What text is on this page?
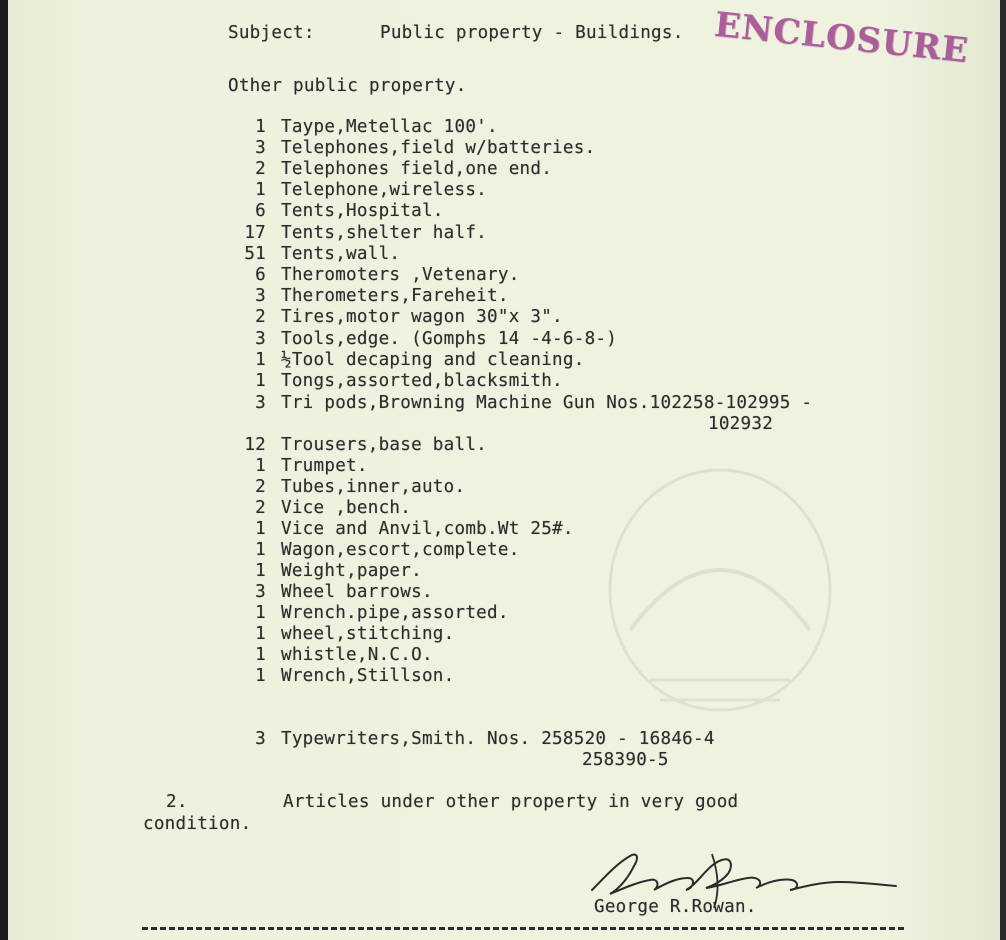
Subject:	Public property - Buildings. ENCLOSURE
Other public property.
1 Taype,Metellac 100'.
3 Telephones,field w/batteries.
2 Telephones field,one end.
1 Telephone,wireless.
6 Tents,Hospital.
17 Tents,shelter half.
51 Tents,wall.
6 Theromoters ,Vetenary.
3 Therometers,Fareheit.
2 Tires,motor wagon 30"x 3".
3 Tools,edge. (Gomphs 14 -4-6-8-)
1 ½Tool decaping and cleaning.
1 Tongs,assorted,blacksmith.
3 Tri pods,Browning Machine Gun Nos.102258-102995 -
102932
12 Trousers,base ball.
1 Trumpet.
2 Tubes,inner,auto.
2 Vice ,bench.
1 Vice and Anvil,comb.Wt 25#.
1 Wagon,escort,complete.
1 Weight,paper.
3 Wheel barrows.
1 Wrench.pipe,assorted.
1 wheel,stitching.
1 whistle,N.C.O.
1 Wrench,Stillson.
3 Typewriters,Smith. Nos. 258520 - 16846-4
258390-5
2.	Articles under other property in very good
condition.
George R.Rowan.
